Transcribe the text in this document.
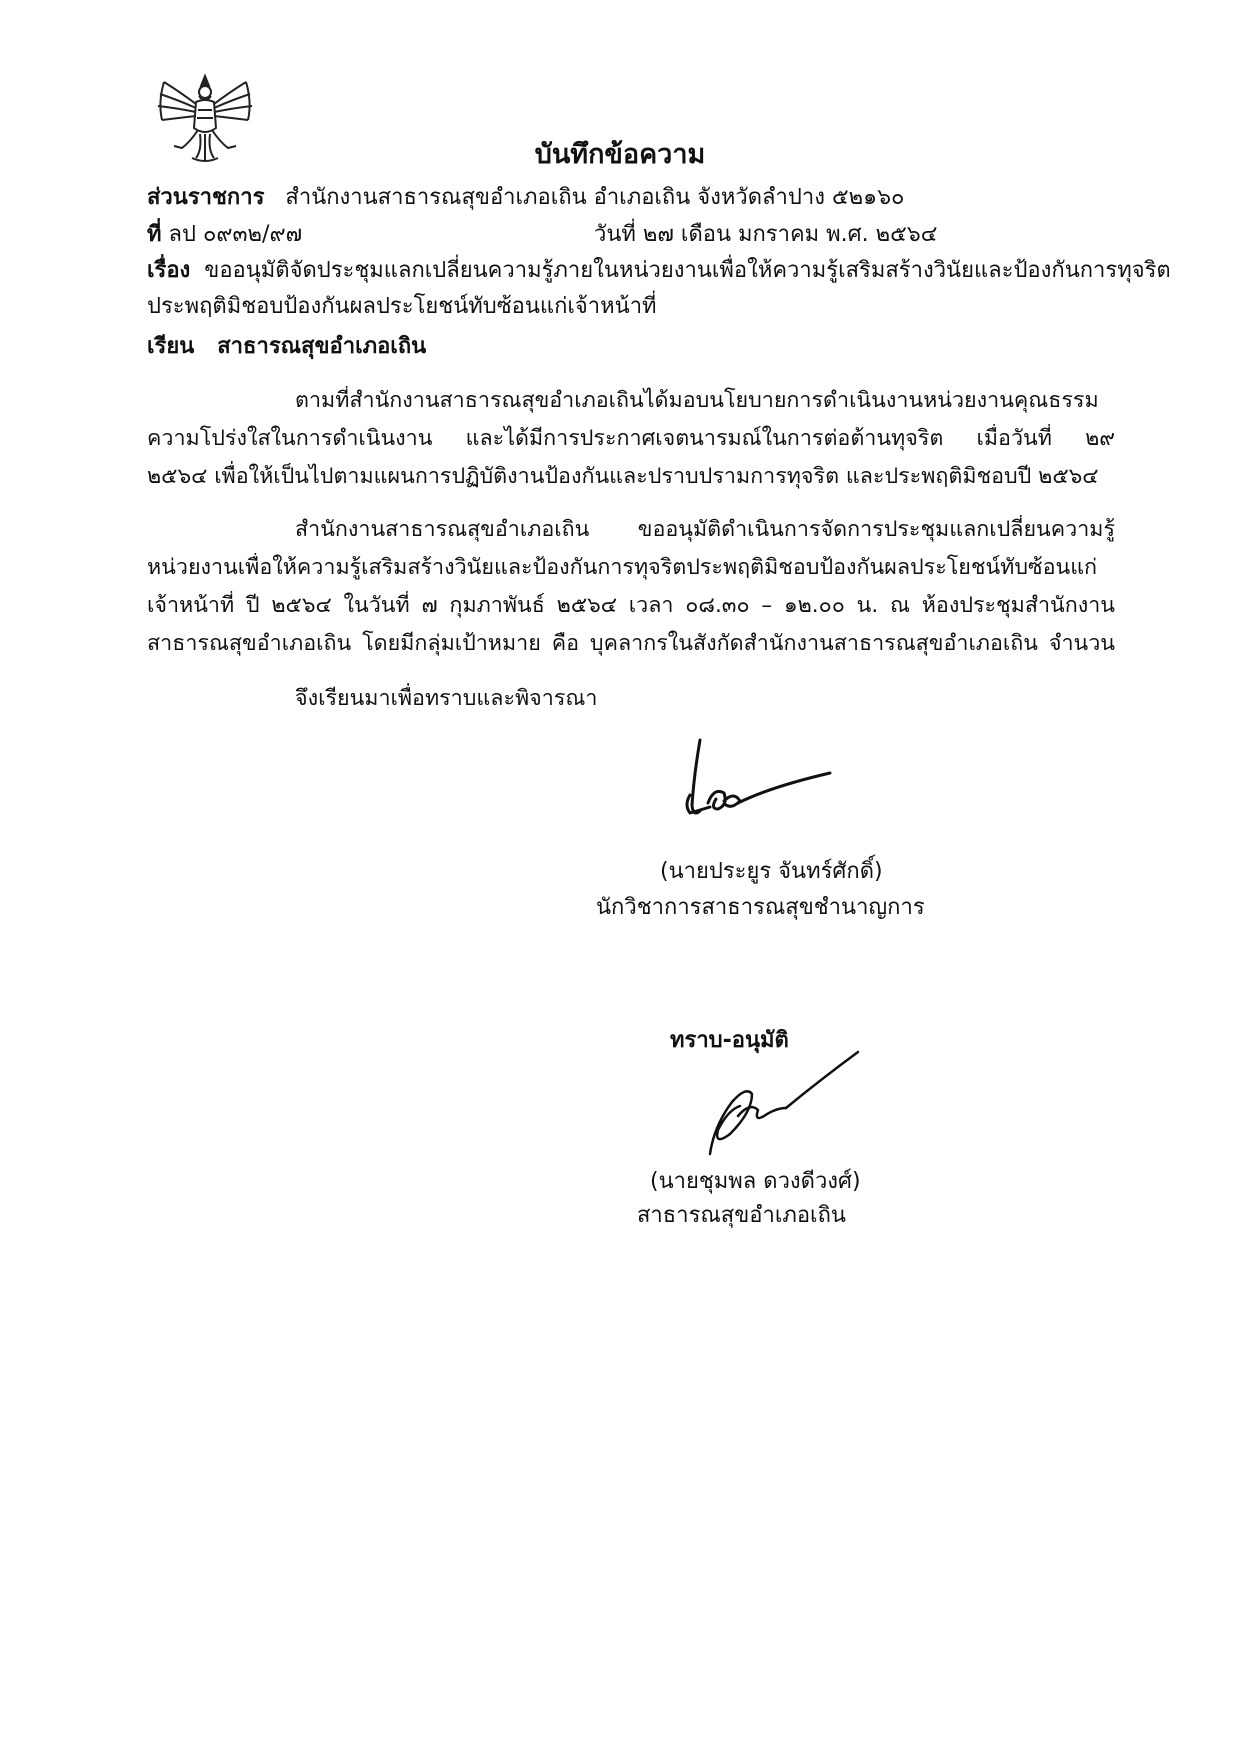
บันทึกข้อความ
ส่วนราชการ สำนักงานสาธารณสุขอำเภอเถิน อำเภอเถิน จังหวัดลำปาง ๕๒๑๖๐
ที่ ลป ๐๙๓๒/๙๗	วันที่ ๒๗ เดือน มกราคม พ.ศ. ๒๕๖๔
เรื่อง ขออนุมัติจัดประชุมแลกเปลี่ยนความรู้ภายในหน่วยงานเพื่อให้ความรู้เสริมสร้างวินัยและป้องกันการทุจริต
ประพฤติมิชอบป้องกันผลประโยชน์ทับซ้อนแก่เจ้าหน้าที่
เรียน สาธารณสุขอำเภอเถิน
ตามที่สำนักงานสาธารณสุขอำเภอเถินได้มอบนโยบายการดำเนินงานหน่วยงานคุณธรรม
ความโปร่งใสในการดำเนินงาน และได้มีการประกาศเจตนารมณ์ในการต่อต้านทุจริต เมื่อวันที่ ๒๙
๒๕๖๔ เพื่อให้เป็นไปตามแผนการปฏิบัติงานป้องกันและปราบปรามการทุจริต และประพฤติมิชอบปี ๒๕๖๔
สำนักงานสาธารณสุขอำเภอเถิน ขออนุมัติดำเนินการจัดการประชุมแลกเปลี่ยนความรู้
หน่วยงานเพื่อให้ความรู้เสริมสร้างวินัยและป้องกันการทุจริตประพฤติมิชอบป้องกันผลประโยชน์ทับซ้อนแก่
เจ้าหน้าที่ ปี ๒๕๖๔ ในวันที่ ๗ กุมภาพันธ์ ๒๕๖๔ เวลา ๐๘.๓๐ – ๑๒.๐๐ น. ณ ห้องประชุมสำนักงาน
สาธารณสุขอำเภอเถิน โดยมีกลุ่มเป้าหมาย คือ บุคลากรในสังกัดสำนักงานสาธารณสุขอำเภอเถิน จำนวน
จึงเรียนมาเพื่อทราบและพิจารณา
(นายประยูร จันทร์ศักดิ์)
นักวิชาการสาธารณสุขชำนาญการ
ทราบ-อนุมัติ
(นายชุมพล ดวงดีวงศ์)
สาธารณสุขอำเภอเถิน
